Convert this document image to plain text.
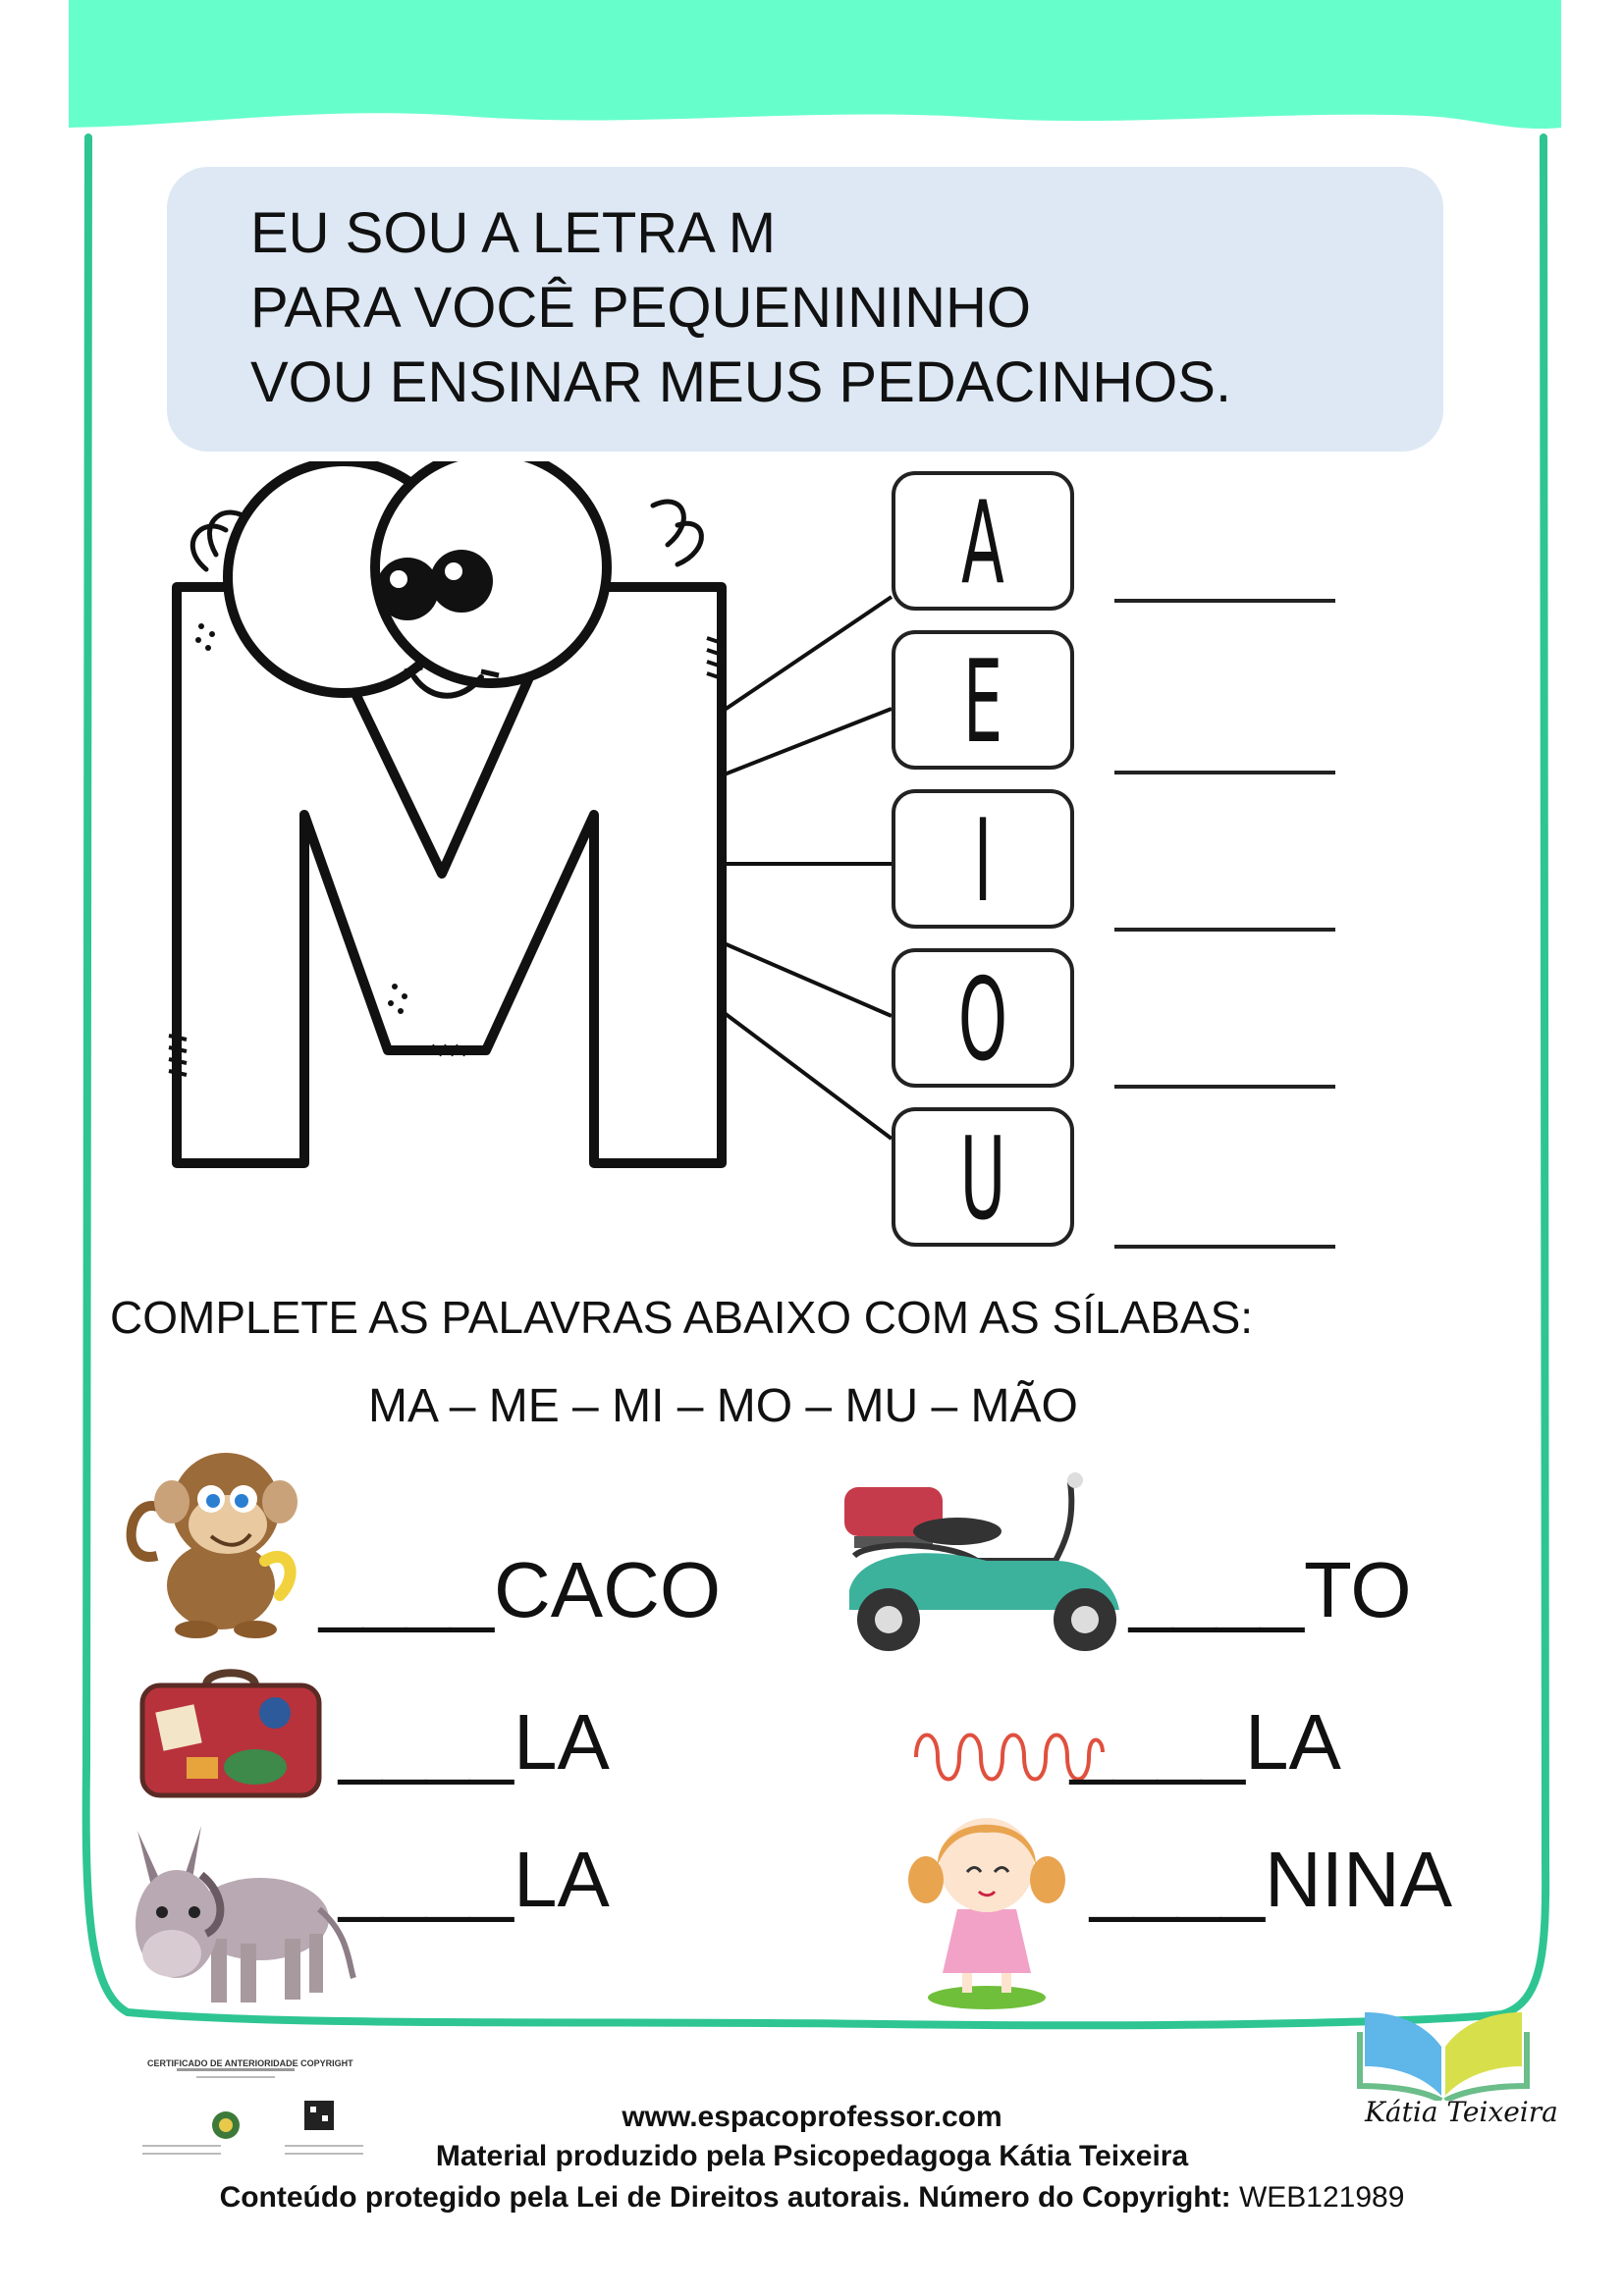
EU SOU A LETRA M
PARA VOCÊ PEQUENININHO
VOU ENSINAR MEUS PEDACINHOS.
A
E
I
O
U
COMPLETE AS PALAVRAS ABAIXO COM AS SÍLABAS:
MA – ME – MI – MO – MU – MÃO
____CACO	____TO
____LA	____LA
____LA	____NINA
CERTIFICADO DE ANTERIORIDADE COPYRIGHT
Kátia Teixeira
www.espacoprofessor.com
Material produzido pela Psicopedagoga Kátia Teixeira
Conteúdo protegido pela Lei de Direitos autorais. Número do Copyright: WEB121989
